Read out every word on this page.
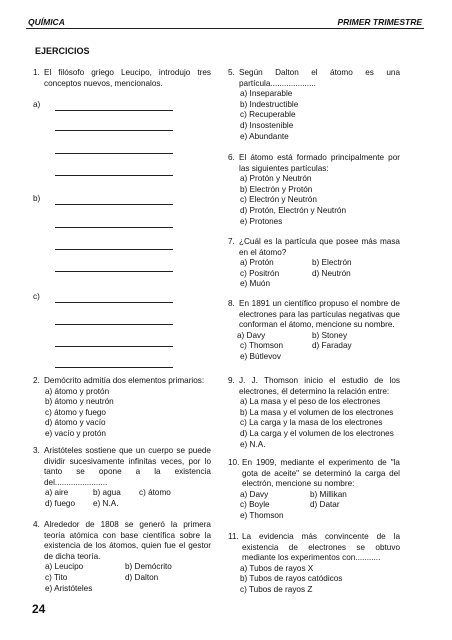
QUÍMICA	PRIMER TRIMESTRE
EJERCICIOS
1. El filósofo griego Leucipo, introdujo tres conceptos nuevos, mencionalos.
a)
b)
c)
2. Demócrito admitía dos elementos primarios:
a) átomo y protón
b) átomo y neutrón
c) átomo y fuego
d) átomo y vacío
e) vacío y protón
3. Aristóteles sostiene que un cuerpo se puede dividir sucesivamente infinitas veces, por lo tanto se opone a la existencia del.......................
a) aire	b) agua	c) átomo
d) fuego	e) N.A.
4. Alrededor de 1808 se generó la primera teoría atómica con base científica sobre la existencia de los átomos, quien fue el gestor de dicha teoría.
a) Leucipo	b) Demócrito
c) Tito	d) Dalton
e) Aristóteles
5. Según Dalton el átomo es una partícula....................
a) Inseparable
b) Indestructible
c) Recuperable
d) Insostenible
e) Abundante
6. El átomo está formado principalmente por las siguientes partículas:
a) Protón y Neutrón
b) Electrón y Protón
c) Electrón y Neutrón
d) Protón, Electrón y Neutrón
e) Protones
7. ¿Cuál es la partícula que posee más masa en el átomo?
a) Protón	b) Electrón
c) Positrón	d) Neutrón
e) Muón
8. En 1891 un científico propuso el nombre de electrones para las partículas negativas que conforman el átomo, mencione su nombre.
a) Davy	b) Stoney
c) Thomson	d) Faraday
e) Bútlevov
9. J. J. Thomson inicio el estudio de los electrones, él determino la relación entre:
a) La masa y el peso de los electrones
b) La masa y el volumen de los electrones
c) La carga y la masa de los electrones
d) La carga y el volumen de los electrones
e) N.A.
10. En 1909, mediante el experimento de "la gota de aceite" se determinó la carga del electrón, mencione su nombre:
a) Davy	b) Millikan
c) Boyle	d) Datar
e) Thomson
11. La evidencia más convincente de la existencia de electrones se obtuvo mediante los experimentos con...........
a) Tubos de rayos X
b) Tubos de rayos catódicos
c) Tubos de rayos Z
24
